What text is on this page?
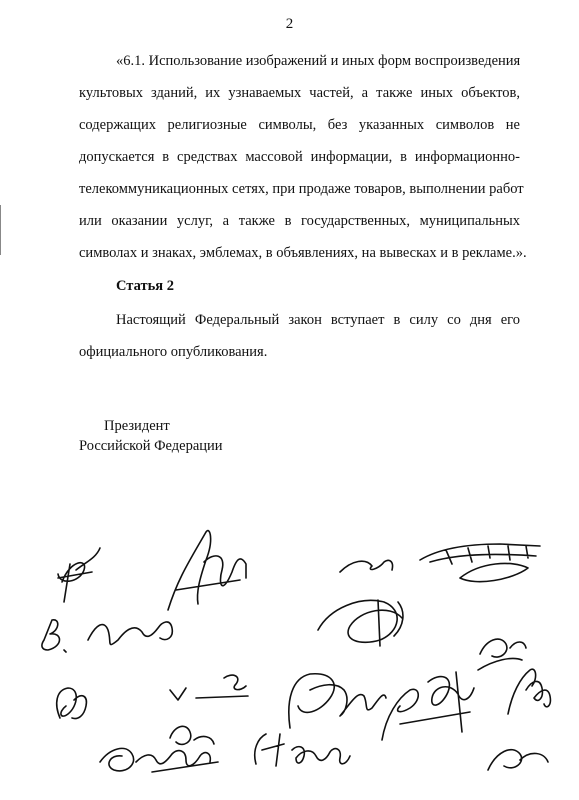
2
«6.1. Использование изображений и иных форм воспроизведения
культовых зданий, их узнаваемых частей, а также иных объектов,
содержащих религиозные символы, без указанных символов не
допускается в средствах массовой информации, в информационно-
телекоммуникационных сетях, при продаже товаров, выполнении работ
или оказании услуг, а также в государственных, муниципальных
символах и знаках, эмблемах, в объявлениях, на вывесках и в рекламе.».
Статья 2
Настоящий Федеральный закон вступает в силу со дня его
официального опубликования.
Президент
Российской Федерации
